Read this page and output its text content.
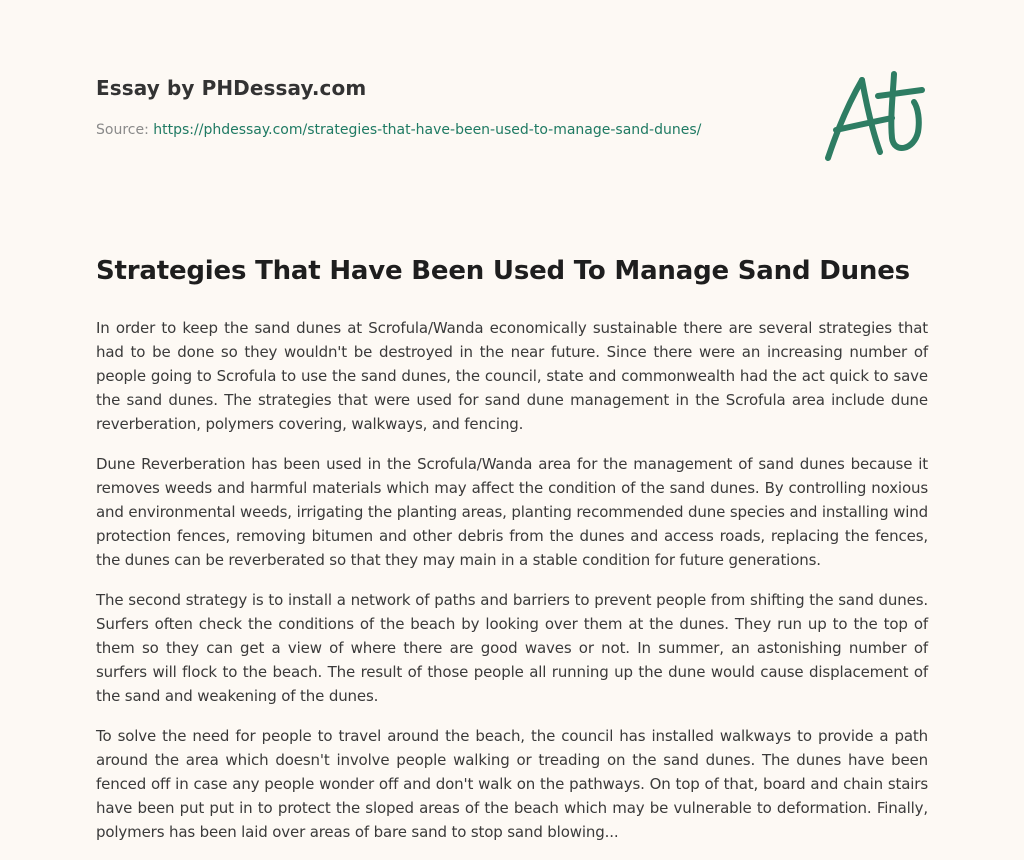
Essay by PHDessay.com
Source: https://phdessay.com/strategies-that-have-been-used-to-manage-sand-dunes/
Strategies That Have Been Used To Manage Sand Dunes

In order to keep the sand dunes at Scrofula/Wanda economically sustainable there are several strategies that had to be done so they wouldn't be destroyed in the near future. Since there were an increasing number of people going to Scrofula to use the sand dunes, the council, state and commonwealth had the act quick to save the sand dunes. The strategies that were used for sand dune management in the Scrofula area include dune reverberation, polymers covering, walkways, and fencing.

Dune Reverberation has been used in the Scrofula/Wanda area for the management of sand dunes because it removes weeds and harmful materials which may affect the condition of the sand dunes. By controlling noxious and environmental weeds, irrigating the planting areas, planting recommended dune species and installing wind protection fences, removing bitumen and other debris from the dunes and access roads, replacing the fences, the dunes can be reverberated so that they may main in a stable condition for future generations.

The second strategy is to install a network of paths and barriers to prevent people from shifting the sand dunes. Surfers often check the conditions of the beach by looking over them at the dunes. They run up to the top of them so they can get a view of where there are good waves or not. In summer, an astonishing number of surfers will flock to the beach. The result of those people all running up the dune would cause displacement of the sand and weakening of the dunes.

To solve the need for people to travel around the beach, the council has installed walkways to provide a path around the area which doesn't involve people walking or treading on the sand dunes. The dunes have been fenced off in case any people wonder off and don't walk on the pathways. On top of that, board and chain stairs have been put put in to protect the sloped areas of the beach which may be vulnerable to deformation. Finally, polymers has been laid over areas of bare sand to stop sand blowing...
